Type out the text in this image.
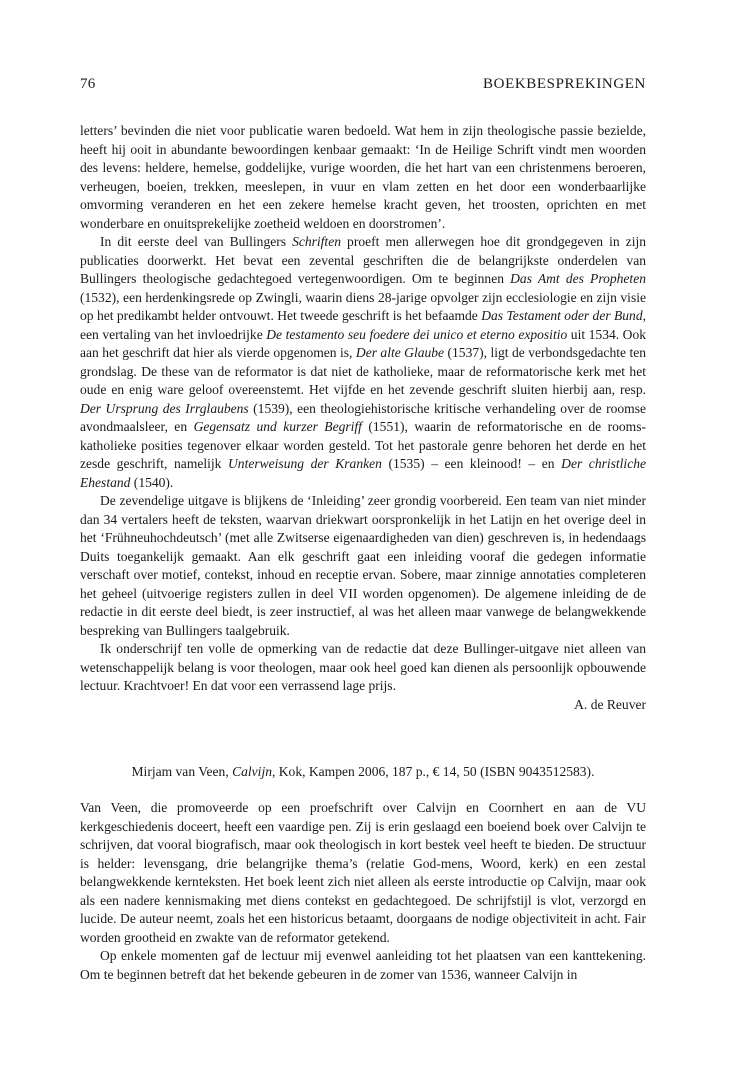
76	BOEKBESPREKINGEN

letters’ bevinden die niet voor publicatie waren bedoeld. Wat hem in zijn theologische passie bezielde, heeft hij ooit in abundante bewoordingen kenbaar gemaakt: ‘In de Heilige Schrift vindt men woorden des levens: heldere, hemelse, goddelijke, vurige woorden, die het hart van een christenmens beroeren, verheugen, boeien, trekken, meeslepen, in vuur en vlam zetten en het door een wonderbaarlijke omvorming veranderen en het een zekere hemelse kracht geven, het troosten, oprichten en met wonderbare en onuitsprekelijke zoetheid weldoen en doorstromen’.

In dit eerste deel van Bullingers Schriften proeft men allerwegen hoe dit grondgegeven in zijn publicaties doorwerkt. Het bevat een zevental geschriften die de belangrijkste onderdelen van Bullingers theologische gedachtegoed vertegenwoordigen. Om te beginnen Das Amt des Propheten (1532), een herdenkingsrede op Zwingli, waarin diens 28-jarige opvolger zijn ecclesiologie en zijn visie op het predikambt helder ontvouwt. Het tweede geschrift is het befaamde Das Testament oder der Bund, een vertaling van het invloedrijke De testamento seu foedere dei unico et eterno expositio uit 1534. Ook aan het geschrift dat hier als vierde opgenomen is, Der alte Glaube (1537), ligt de verbondsgedachte ten grondslag. De these van de reformator is dat niet de katholieke, maar de reformatorische kerk met het oude en enig ware geloof overeenstemt. Het vijfde en het zevende geschrift sluiten hierbij aan, resp. Der Ursprung des Irrglaubens (1539), een theologiehistorische kritische verhandeling over de roomse avondmaalsleer, en Gegensatz und kurzer Begriff (1551), waarin de reformatorische en de rooms-katholieke posities tegenover elkaar worden gesteld. Tot het pastorale genre behoren het derde en het zesde geschrift, namelijk Unterweisung der Kranken (1535) – een kleinood! – en Der christliche Ehestand (1540).

De zevendelige uitgave is blijkens de ‘Inleiding’ zeer grondig voorbereid. Een team van niet minder dan 34 vertalers heeft de teksten, waarvan driekwart oorspronkelijk in het Latijn en het overige deel in het ‘Frühneuhochdeutsch’ (met alle Zwitserse eigenaardigheden van dien) geschreven is, in hedendaags Duits toegankelijk gemaakt. Aan elk geschrift gaat een inleiding vooraf die gedegen informatie verschaft over motief, contekst, inhoud en receptie ervan. Sobere, maar zinnige annotaties completeren het geheel (uitvoerige registers zullen in deel VII worden opgenomen). De algemene inleiding de de redactie in dit eerste deel biedt, is zeer instructief, al was het alleen maar vanwege de belangwekkende bespreking van Bullingers taalgebruik.

Ik onderschrijf ten volle de opmerking van de redactie dat deze Bullinger-uitgave niet alleen van wetenschappelijk belang is voor theologen, maar ook heel goed kan dienen als persoonlijk opbouwende lectuur. Krachtvoer! En dat voor een verrassend lage prijs.

A. de Reuver

Mirjam van Veen, Calvijn, Kok, Kampen 2006, 187 p., € 14, 50 (ISBN 9043512583).

Van Veen, die promoveerde op een proefschrift over Calvijn en Coornhert en aan de VU kerkgeschiedenis doceert, heeft een vaardige pen. Zij is erin geslaagd een boeiend boek over Calvijn te schrijven, dat vooral biografisch, maar ook theologisch in kort bestek veel heeft te bieden. De structuur is helder: levensgang, drie belangrijke thema’s (relatie God-mens, Woord, kerk) en een zestal belangwekkende kernteksten. Het boek leent zich niet alleen als eerste introductie op Calvijn, maar ook als een nadere kennismaking met diens contekst en gedachtegoed. De schrijfstijl is vlot, verzorgd en lucide. De auteur neemt, zoals het een historicus betaamt, doorgaans de nodige objectiviteit in acht. Fair worden grootheid en zwakte van de reformator getekend.

Op enkele momenten gaf de lectuur mij evenwel aanleiding tot het plaatsen van een kanttekening. Om te beginnen betreft dat het bekende gebeuren in de zomer van 1536, wanneer Calvijn in
